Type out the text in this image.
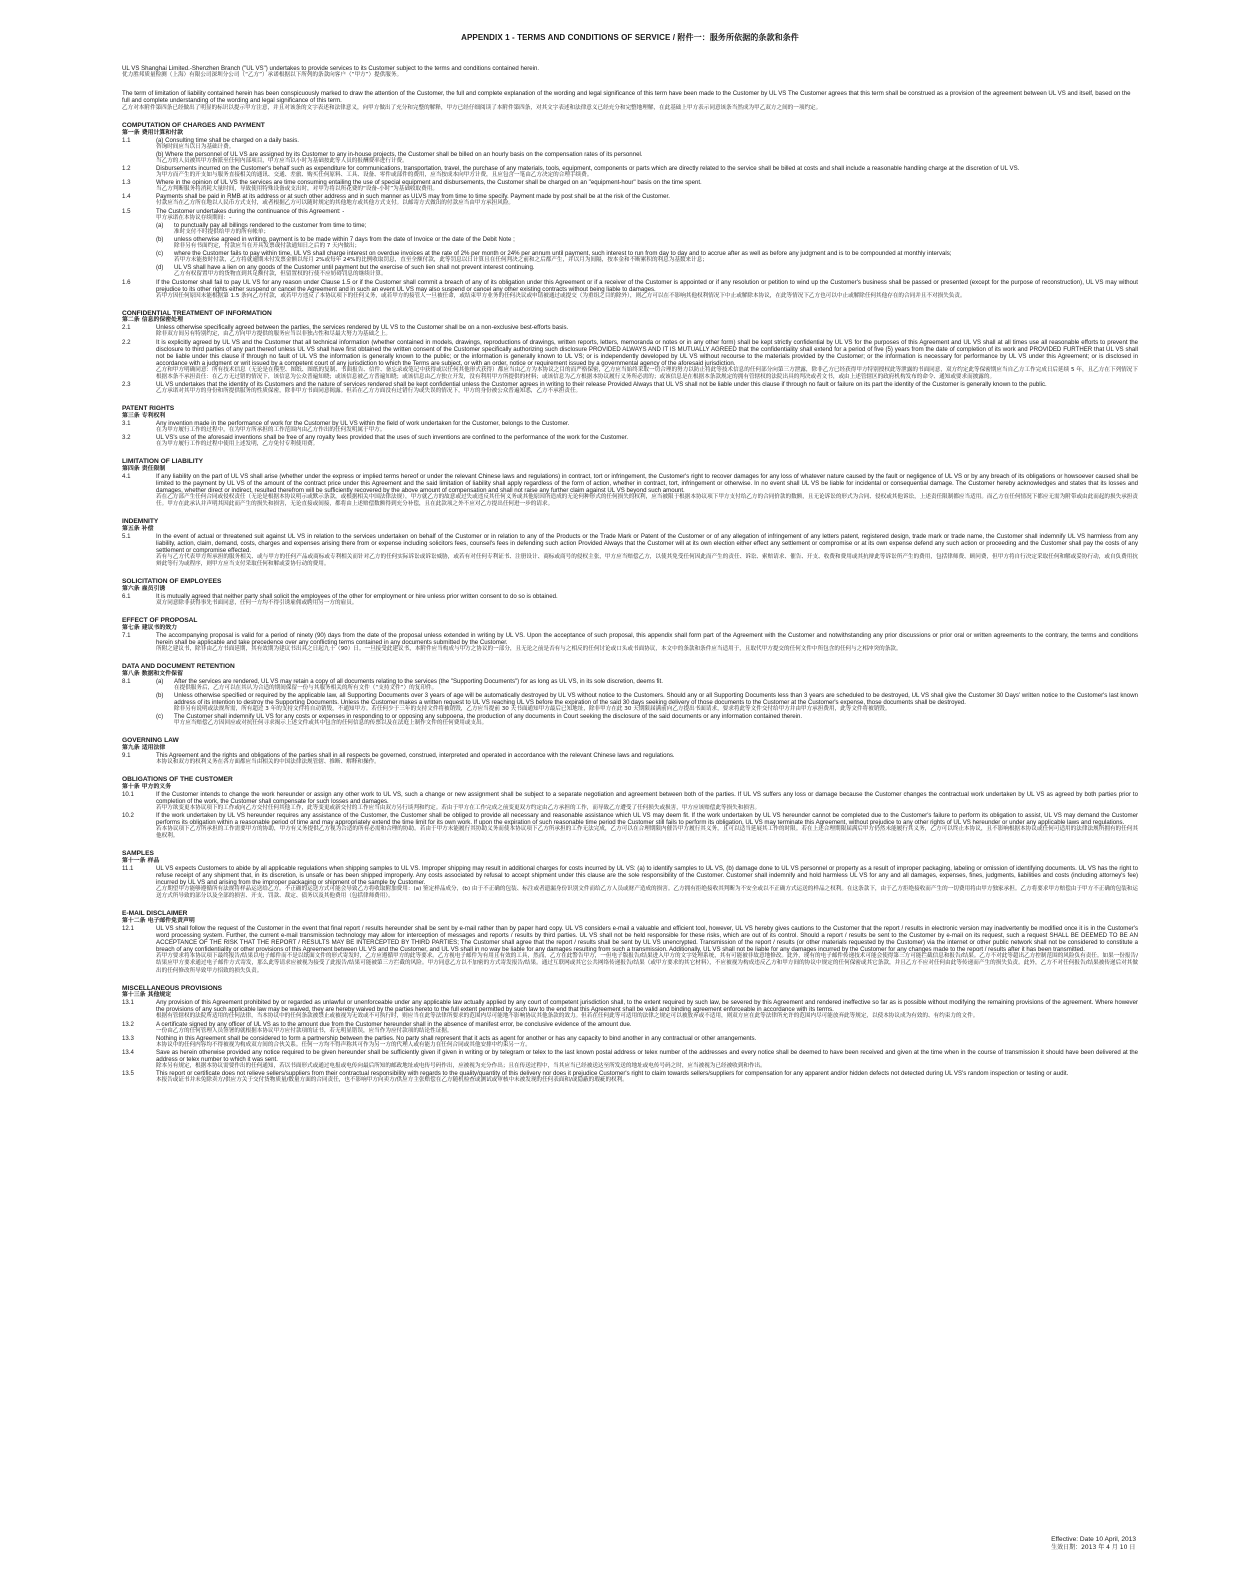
APPENDIX 1 - TERMS AND CONDITIONS OF SERVICE / 附件一：服务所依据的条款和条件

UL VS Shanghai Limited.-Shenzhen Branch ("UL VS") undertakes to provide services to its Customer subject to the terms and conditions contained herein.

优力胜邦质量检测（上海）有限公司深圳分公司（“乙方”）承诺根据以下所列的条款向客户（“甲方”）提供服务。

The term of limitation of liability contained herein has been conspicuously marked to draw the attention of the Customer, the full and complete explanation of the wording and legal significance of this term have been made to the Customer by UL VS The Customer agrees that this term shall be construed as a provision of the agreement between UL VS and itself, based on the full and complete understanding of the wording and legal significance of this term.

乙方对本附件第四条已经做出了明显的标识以提示甲方注意，并且对该条的文字表述和法律意义，向甲方做出了充分和完整的解释，甲方已经仔细阅读了本附件第四条，对其文字表述和法律意义已经充分和完整地理解，在此基础上甲方表示同意该条当然成为甲乙双方之间的一项约定。

COMPUTATION OF CHARGES AND PAYMENT

第一条 费用计算和付款

1.1	(a) Consulting time shall be charged on a daily basis.

咨询时间应当以日为基础计费。

(b) Where the personnel of UL VS are assigned by its Customer to any in-house projects, the Customer shall be billed on an hourly basis on the compensation rates of its personnel.

当乙方的人员被其甲方指派至任何内部项目，甲方应当以小时为基础按此等人员的报酬费率进行计费。

1.2	Disbursements incurred on the Customer's behalf such as expenditure for communications, transportation, travel, the purchase of any materials, tools, equipment, components or parts which are directly related to the service shall be billed at costs and shall include a reasonable handling charge at the discretion of UL VS.

为甲方而产生的开支如与服务直接相关的通讯、交通、差旅、购买任何原料、工具、设备、零件或部件的费用，应当按成本向甲方计费，且应包含一笔由乙方决定的合理手续费。

1.3	Where in the opinion of UL VS the services are time consuming entailing the use of special equipment and disbursements, the Customer shall be charged on an "equipment-hour" basis on the time spent.

当乙方判断服务将消耗大量时间，导致使用特殊设备或支出时，对甲方将以所花费的“设备-小时”为基础收取费用。

1.4	Payments shall be paid in RMB at its address or at such other address and in such manner as ULVS may from time to time specify. Payment made by post shall be at the risk of the Customer.

付款应当在乙方所在地以人民币方式支付，或者根据乙方可以随时规定的其他地方或其他方式支付。以邮寄方式做出的付款应当由甲方承担风险。

1.5	The Customer undertakes during the continuance of this Agreement: -

甲方承诺在本协议存续期间：–

(a)	to punctually pay all billings rendered to the customer from time to time;

准时支付不时提供给甲方的所有帐单；

(b)	unless otherwise agreed in writing, payment is to be made within 7 days from the date of Invoice or the date of the Debit Note ;

除非另有书面约定，付款应当在开具发票或付款通知日之后的 7 天内做出；

(c)	where the Customer fails to pay within time, UL VS shall charge interest on overdue invoices at the rate of 2% per month or 24% per annum until payment, such interest to run from day to day and to accrue after as well as before any judgment and is to be compounded at monthly intervals;

若甲方未能按时付款，乙方将就逾期未付发票金额以每月 2%或每年 24%的比例收取罚息，直至全额付款，此等罚息以日计算且在任何判决之前和之后都产生，并以月为间隔，按本金和不断累积的利息为基数来计息；

(d)	UL VS shall have a lien on any goods of the Customer until payment but the exercise of such lien shall not prevent interest continuing.

乙方有权留置甲方的货物直到其足额付款，但留置权的行使不应妨碍罚息的继续计算。

1.6	If the Customer shall fail to pay UL VS for any reason under Clause 1.5 or if the Customer shall commit a breach of any of its obligation under this Agreement or if a receiver of the Customer is appointed or if any resolution or petition to wind up the Customer's business shall be passed or presented (except for the purpose of reconstruction), UL VS may without prejudice to its other rights either suspend or cancel the Agreement and in such an event UL VS may also suspend or cancel any other existing contracts without being liable to damages.

若甲方因任何原因未能根据第 1.5 条向乙方付款，或若甲方违反了本协议项下的任何义务，或若甲方的接管人一旦被任命，或结束甲方业务的任何决议或申请被通过或提交（为重组之目的除外），则乙方可以在不影响其他权利情况下中止或解除本协议，在此等情况下乙方也可以中止或解除任何其他存在的合同并且不对损失负责。

CONFIDENTIAL TREATMENT OF INFORMATION

第二条 信息的保密处理

2.1	Unless otherwise specifically agreed between the parties, the services rendered by UL VS to the Customer shall be on a non-exclusive best-efforts basis.

除非双方间另有特别约定，由乙方向甲方提供的服务应当以非独占性和尽最大努力为基础之上。

2.2	It is explicitly agreed by UL VS and the Customer that all technical information (whether contained in models, drawings, reproductions of drawings, written reports, letters, memoranda or notes or in any other form) shall be kept strictly confidential by UL VS for the purposes of this Agreement and UL VS shall at all times use all reasonable efforts to prevent the disclosure to third parties of any part thereof unless UL VS shall have first obtained the written consent of the Customer specifically authorizing such disclosure PROVIDED ALWAYS AND IT IS MUTUALLY AGREED that the confidentiality shall extend for a period of five (5) years from the date of completion of its work and PROVIDED FURTHER that UL VS shall not be liable under this clause if through no fault of UL VS the information is generally known to the public; or the information is generally known to UL VS; or is independently developed by UL VS without recourse to the materials provided by the Customer; or the information is necessary for performance by UL VS under this Agreement; or is disclosed in accordance with a judgment or writ issued by a competent court of any jurisdiction to which the Terms are subject, or with an order, notice or requirement issued by a governmental agency of the aforesaid jurisdiction.

乙方和甲方明确同意：所有技术信息（无论是在模型、图纸、图纸的复制、书面报告、信件、备忘录或笔记中获得或以任何其他形式获得）都应当由乙方为本协议之目的而严格保密，乙方应当始终采取一切合理的努力以防止将此等技术信息的任何部分向第三方泄露，除非乙方已经获得甲方特别授权此等泄露的书面同意，双方约定此等保密期应当自乙方工作完成日后延续 5 年，且乙方在下列情况下根据本条不承担责任：在乙方无过错的情况下，该信息为公众普遍知晓；或该信息被乙方普遍知晓；或该信息由乙方独立开发，没有利用甲方所提供的材料；或该信息为乙方根据本协议履行义务所必需的；或该信息是在根据本条款规定的拥有管辖权的法院出具的判决或者文书，或由上述管辖区的政府机构发布的命令、通知或要求而披露的。

2.3	UL VS undertakes that the identity of its Customers and the nature of services rendered shall be kept confidential unless the Customer agrees in writing to their release Provided Always that UL VS shall not be liable under this clause if through no fault or failure on its part the identity of the Customer is generally known to the public.

乙方承诺对其甲方的身份和所提供服务的性质保密，除非甲方书面同意揭露。但若在乙方方面没有过错行为或失误的情况下，甲方的身份被公众普遍知悉，乙方不承担责任。

PATENT RIGHTS

第三条 专利权利

3.1	Any invention made in the performance of work for the Customer by UL VS within the field of work undertaken for the Customer, belongs to the Customer.

在为甲方履行工作的过程中，在为甲方所承担的工作范围内由乙方作出的任何发明属于甲方。

3.2	UL VS's use of the aforesaid inventions shall be free of any royalty fees provided that the uses of such inventions are confined to the performance of the work for the Customer.

在为甲方履行工作的过程中使用上述发明，乙方免付专利使用费。

LIMITATION OF LIABILITY

第四条 责任限制

4.1	If any liability on the part of UL VS shall arise (whether under the express or implied terms hereof or under the relevant Chinese laws and regulations) in contract, tort or infringement, the Customer's right to recover damages for any loss of whatever nature caused by the fault or negligence of UL VS or by any breach of its obligations or howsoever caused shall be limited to the payment by UL VS of the amount of the contract price under this Agreement and the said limitation of liability shall apply regardless of the form of action, whether in contract, tort, infringement or otherwise. In no event shall UL VS be liable for incidental or consequential damage. The Customer hereby acknowledges and states that its losses and damages, whether direct or indirect, resulted therefrom will be sufficiently recovered by the above amount of compensation and shall not raise any further claim against UL VS beyond such amount.

若在乙方部产生任何合同或侵权责任（无论是根据本协议明示或默示条款，或根据相关中国法律法规），甲方就乙方的故意或过失或违反其任何义务或其他原因所造成的无论何种形式的任何损失的权利，应当被限于根据本协议项下甲方支付给乙方的合同价款的数额，且无论诉讼的形式为合同、侵权或其他诉讼，上述责任限制都应当适用。而乙方在任何情况下都应无需为附带或由此而起的损失承担责任。甲方在此承认并声明其因此而产生的损失和损害，无论直接或间接，都将由上述赔偿数额得到充分补偿，且在此款项之外不应对乙方提出任何进一步的请求。

INDEMNITY

第五条 补偿

5.1	In the event of actual or threatened suit against UL VS in relation to the services undertaken on behalf of the Customer or in relation to any of the Products or the Trade Mark or Patent of the Customer or of any allegation of infringement of any letters patent, registered design, trade mark or trade name, the Customer shall indemnify UL VS harmless from any liability, action, claim, demand, costs, charges and expenses arising there from or expense including solicitors fees, counsel's fees in defending such action Provided Always that the Customer will at its own election either effect any settlement or compromise or at its own expense defend any such action or proceeding and the Customer shall pay the costs of any settlement or compromise effected.

若有与乙方代表甲方所承担的服务相关、或与甲方的任何产品或商标或专利相关而针对乙方的任何实际诉讼或诉讼威胁，或若有对任何专利证书、注册设计、商标或商号的侵权主张，甲方应当赔偿乙方，以使其免受任何因此而产生的责任、诉讼、索赔请求、催告、开支、收费和费用或其抗辩此等诉讼所产生的费用，包括律师费、顾问费，但甲方将自行决定采取任何和解或妥协行动，或自负费用抗辩此等行为或程序，则甲方应当支付采取任何和解或妥协行动的费用。

SOLICITATION OF EMPLOYEES

第六条 雇员引诱

6.1	It is mutually agreed that neither party shall solicit the employees of the other for employment or hire unless prior written consent to do so is obtained.

双方同意除非获得事先书面同意，任何一方均不得引诱雇佣或聘用另一方的雇员。

EFFECT OF PROPOSAL

第七条 建议书的效力

7.1	The accompanying proposal is valid for a period of ninety (90) days from the date of the proposal unless extended in writing by UL VS. Upon the acceptance of such proposal, this appendix shall form part of the Agreement with the Customer and notwithstanding any prior discussions or prior oral or written agreements to the contrary, the terms and conditions herein shall be applicable and take precedence over any conflicting terms contained in any documents submitted by the Customer.

所附之建议书，除非由乙方书面延期，其有效期为建议书出具之日起九十（90）日。一旦接受此建议书，本附件应当构成与甲方之协议的一部分，且无论之前是否有与之相反的任何讨论或口头或书面协议，本文中的条款和条件应当适用于，且取代甲方提交的任何文件中所包含的任何与之相冲突的条款。

DATA AND DOCUMENT RETENTION

第八条 数据和文件保留

8.1	(a)	After the services are rendered, UL VS may retain a copy of all documents relating to the services (the "Supporting Documents") for as long as UL VS, in its sole discretion, deems fit.

在提供服务后，乙方可以在其认为合适的期间保留一份与其服务相关的所有文件（“支持文件”）的复印件。

(b)	Unless otherwise specified or required by the applicable law, all Supporting Documents over 3 years of age will be automatically destroyed by UL VS without notice to the Customers. Should any or all Supporting Documents less than 3 years are scheduled to be destroyed, UL VS shall give the Customer 30 Days' written notice to the Customer's last known address of its intention to destroy the Supporting Documents. Unless the Customer makes a written request to UL VS reaching UL VS before the expiration of the said 30 days seeking delivery of those documents to the Customer at the Customer's expense, those documents shall be destroyed.

除非另有说明或法规所需，所有超过 3 年的支持文件将自动销毁，不通知甲方。若任何少于三年的支持文件将被销毁，乙方应当提前 30 天书面通知甲方最后已知地址，除非甲方在此 30 天期限届满前向乙方提出书面请求，要求将此等文件交付给甲方并由甲方承担费用，此等文件将被销毁。

(c)	The Customer shall indemnify UL VS for any costs or expenses in responding to or opposing any subpoena, the production of any documents in Court seeking the disclosure of the said documents or any information contained therein.

甲方应当赔偿乙方因回应或对抗任何寻求揭示上述文件或其中包含的任何信息的传票以及在法庭上制作文件的任何费用或支出。

GOVERNING LAW

第九条 适用法律

9.1	This Agreement and the rights and obligations of the parties shall in all respects be governed, construed, interpreted and operated in accordance with the relevant Chinese laws and regulations.

本协议和双方的权利义务在各方面都应当由相关的中国法律法规管辖、推断、解释和操作。

OBLIGATIONS OF THE CUSTOMER

第十条 甲方的义务

10.1	If the Customer intends to change the work hereunder or assign any other work to UL VS, such a change or new assignment shall be subject to a separate negotiation and agreement between both of the parties. If UL VS suffers any loss or damage because the Customer changes the contractual work undertaken by UL VS as agreed by both parties prior to completion of the work, the Customer shall compensate for such losses and damages.

若甲方欲变更本协议项下的工作或向乙方交付任何其他工作，此等变更或新交付的工作应当由双方另行谈判和约定。若由于甲方在工作完成之前变更双方约定由乙方承担的工作，而导致乙方遭受了任何损失或损害，甲方应该赔偿此等损失和损害。

10.2	If the work undertaken by UL VS hereunder requires any assistance of the Customer, the Customer shall be obliged to provide all necessary and reasonable assistance which UL VS may deem fit. If the work undertaken by UL VS hereunder cannot be completed due to the Customer's failure to perform its obligation to assist, UL VS may demand the Customer performs its obligation within a reasonable period of time and may appropriately extend the time limit for its own work. If upon the expiration of such reasonable time period the Customer still fails to perform its obligation, UL VS may terminate this Agreement, without prejudice to any other rights of UL VS hereunder or under any applicable laws and regulations.

若本协议项下乙方所承担的工作需要甲方的协助，甲方有义务提供乙方视为合适的所有必需和合理的协助。若由于甲方未能履行其协助义务而使本协议项下乙方所承担的工作无法完成，乙方可以在合理期限内催告甲方履行其义务，且可以适当延展其工作的时限。若在上述合理期限届满后甲方仍然未能履行其义务，乙方可以终止本协议，且不影响根据本协议或任何可适用的法律法规所拥有的任何其他权利。

SAMPLES

第十一条 样品

11.1	UL VS expects Customers to abide by all applicable regulations when shipping samples to UL VS. Improper shipping may result in additional charges for costs incurred by UL VS: (a) to identify samples to UL VS, (b) damage done to UL VS personnel or property as a result of improper packaging, labeling or omission of identifying documents. UL VS has the right to refuse receipt of any shipment that, in its discretion, is unsafe or has been shipped improperly. Any costs associated by refusal to accept shipment under this clause are the sole responsibility of the Customer. Customer shall indemnify and hold harmless UL VS for any and all damages, expenses, fines, judgments, liabilities and costs (including attorney's fee) incurred by UL VS and arising from the improper packaging or shipment of the sample by Customer.

乙方期望甲方能够遵循所有法规将样品运送给乙方。不正确的运送方式可能会导致乙方将收取附加费用：(a) 鉴定样品成分，(b) 由于不正确的包装、标注或者遗漏身份识别文件而给乙方人员或财产造成的损害。乙方拥有拒绝接收其判断为不安全或以不正确方式运送的样品之权利。在这条款下，由于乙方拒绝接收而产生的一切费用将由甲方独家承担。乙方将要求甲方赔偿由于甲方不正确的包装和运送方式所导致的部分以及全部的损害、开支、罚款、裁定、债务以及其他费用（包括律师费用）。

E-MAIL DISCLAIMER

第十二条 电子邮件免责声明

12.1	UL VS shall follow the request of the Customer in the event that final report / results hereunder shall be sent by e-mail rather than by paper hard copy. UL VS considers e-mail a valuable and efficient tool, however, UL VS hereby gives cautions to the Customer that the report / results in electronic version may inadvertently be modified once it is in the Customer's word processing system. Further, the current e-mail transmission technology may allow for interception of messages and reports / results by third parties. UL VS shall not be held responsible for these risks, which are out of its control. Should a report / results be sent to the Customer by e-mail on its request, such a request SHALL BE DEEMED TO BE AN ACCEPTANCE OF THE RISK THAT THE REPORT / RESULTS MAY BE INTERCEPTED BY THIRD PARTIES; The Customer shall agree that the report / results shall be sent by UL VS unencrypted. Transmission of the report / results (or other materials requested by the Customer) via the internet or other public network shall not be considered to constitute a breach of any confidentiality or other provisions of this Agreement between UL VS and the Customer, and UL VS shall in no way be liable for any damages resulting from such a transmission. Additionally, UL VS shall not be liable for any damages incurred by the Customer for any changes made to the report / results after it has been transmitted.

若甲方要求将本协议项下最终报告/结果以电子邮件而不是以纸面文件的形式寄发时，乙方应遵循甲方的此等要求。乙方视电子邮件为有用且有效的工具，然而，乙方在此警告甲方，一但电子版报告/结果进入甲方的文字处理系统，其有可能被非故意地修改。此外，现有的电子邮件传递技术可能会使得第三方可能拦截信息和报告/结果。乙方不对此等超出乙方控制范围的风险负有责任。如果一份报告/结果应甲方要求通过电子邮件方式寄发，那么此等请求应被视为接受了此报告/结果可能被第三方拦截的风险。甲方同意乙方以不加密的方式寄发报告/结果。通过互联网或其它公共网络传递报告/结果（或甲方要求的其它材料），不应被视为构成违反乙方和甲方间的协议中规定的任何保密或其它条款，并且乙方不应对任何由此等传递而产生的损失负责。此外，乙方不对任何报告/结果被传递后对其做出的任何修改所导致甲方招致的损失负责。

MISCELLANEOUS PROVISIONS

第十三条 其他规定

13.1	Any provision of this Agreement prohibited by or regarded as unlawful or unenforceable under any applicable law actually applied by any court of competent jurisdiction shall, to the extent required by such law, be severed by this Agreement and rendered ineffective so far as is possible without modifying the remaining provisions of the agreement. Where however the provisions of any such applicable law may be waived, they are hereby waived by the parties hereto to the full extent permitted by such law to the end that this Agreement shall be valid and binding agreement enforceable in accordance with its terms.

根据有管辖权的法院所适用的任何法律，当本协议中的任何条款被禁止或被视为无效或不可执行时，则应当在此等法律所要求的范围内尽可能地不影响协议其他条款的效力。但若在任何此等可适用的法律之规定可以被放弃或不适用，则双方应在此等法律所允许的范围内尽可能放弃此等规定，以使本协议成为有效的、有约束力的文件。

13.2	A certificate signed by any officer of UL VS as to the amount due from the Customer hereunder shall in the absence of manifest error, be conclusive evidence of the amount due.

一份由乙方的任何管理人员签署的就根据本协议甲方应付款项的证书，若无明显错误，应当作为应付款项的结论性证据。

13.3	Nothing in this Agreement shall be considered to form a partnership between the parties. No party shall represent that it acts as agent for another or has any capacity to bind another in any contractual or other arrangements.

本协议中的任何内容均不得被视为构成双方间的合伙关系。任何一方均不得声称其可作为另一方的代理人或有能力在任何合同或其他安排中约束另一方。

13.4	Save as herein otherwise provided any notice required to be given hereunder shall be sufficiently given if given in writing or by telegram or telex to the last known postal address or telex number of the addresses and every notice shall be deemed to have been received and given at the time when in the course of transmission it should have been delivered at the address or telex number to which it was sent.

除本另有规定，根据本协议需要作出的任何通知，若以书面形式或通过电报或电传向最后所知的邮政地址或电传号码作出，应被视为充分作出；且在传送过程中，当其应当已经被送达至所发送的地址或电传号码之时，应当被视为已经被收到和作出。

13.5	This report or certificate does not relieve sellers/suppliers from their contractual responsibility with regards to the quality/quantity of this delivery nor does it prejudice Customer's right to claim towards sellers/suppliers for compensation for any apparent and/or hidden defects not detected during UL VS's random inspection or testing or audit.

本报告或证书并未免除卖方/供应方关于交付货物质量/数量方面的合同责任，也不影响甲方向卖方/供应方主张赔偿在乙方随机检查或测试或审核中未被发现的任何表面和/或隐蔽的瑕疵的权利。

Effective: Date 10 April, 2013

生效日期：2013 年 4 月 10 日
